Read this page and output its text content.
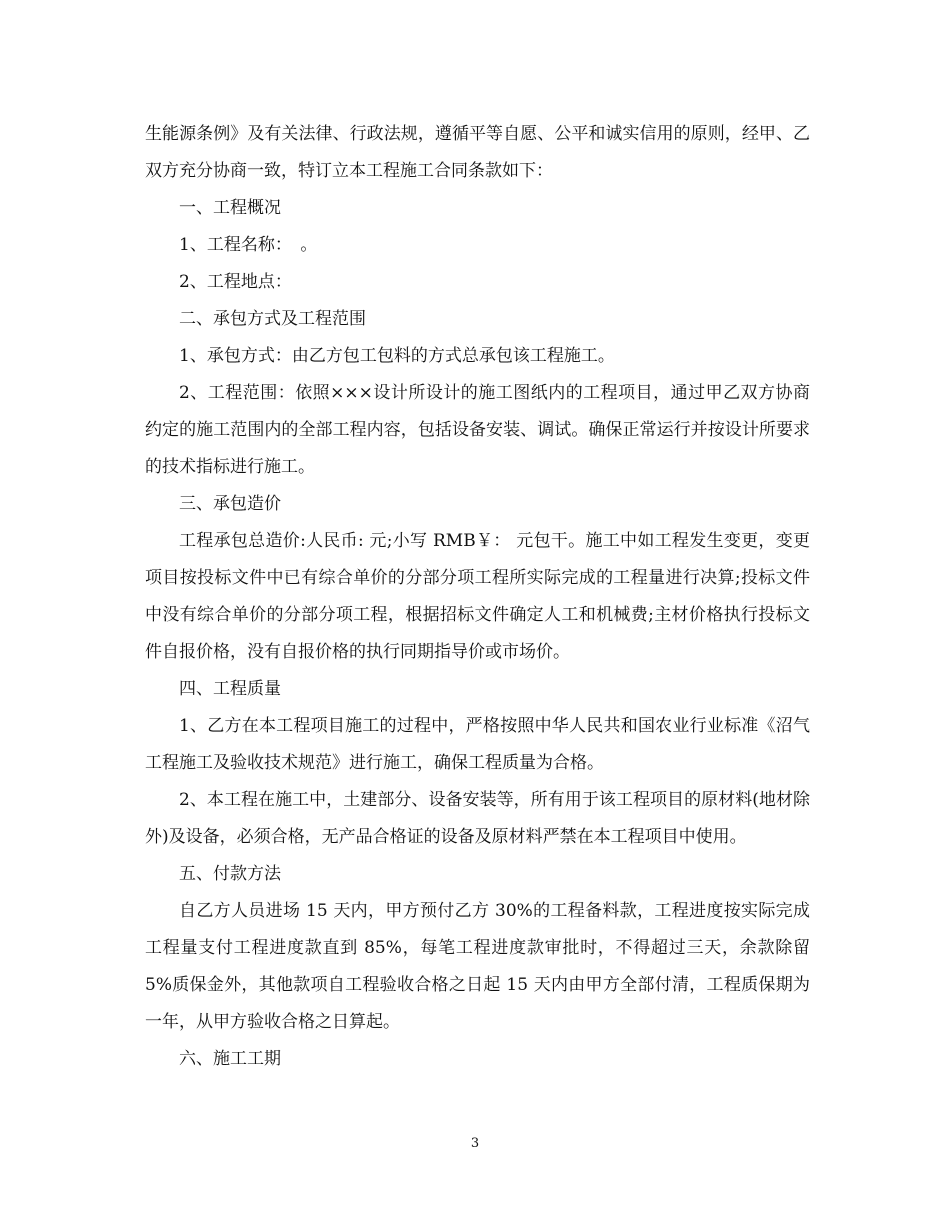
生能源条例》及有关法律、行政法规，遵循平等自愿、公平和诚实信用的原则，经甲、乙双方充分协商一致，特订立本工程施工合同条款如下：

一、工程概况

1、工程名称：　。

2、工程地点：

二、承包方式及工程范围

1、承包方式：由乙方包工包料的方式总承包该工程施工。

2、工程范围：依照×××设计所设计的施工图纸内的工程项目，通过甲乙双方协商约定的施工范围内的全部工程内容，包括设备安装、调试。确保正常运行并按设计所要求的技术指标进行施工。

三、承包造价

工程承包总造价:人民币: 元;小写 RMB￥： 元包干。施工中如工程发生变更，变更项目按投标文件中已有综合单价的分部分项工程所实际完成的工程量进行决算;投标文件中没有综合单价的分部分项工程，根据招标文件确定人工和机械费;主材价格执行投标文件自报价格，没有自报价格的执行同期指导价或市场价。

四、工程质量

1、乙方在本工程项目施工的过程中，严格按照中华人民共和国农业行业标准《沼气工程施工及验收技术规范》进行施工，确保工程质量为合格。

2、本工程在施工中，土建部分、设备安装等，所有用于该工程项目的原材料(地材除外)及设备，必须合格，无产品合格证的设备及原材料严禁在本工程项目中使用。

五、付款方法

自乙方人员进场 15 天内，甲方预付乙方 30%的工程备料款，工程进度按实际完成工程量支付工程进度款直到 85%，每笔工程进度款审批时，不得超过三天，余款除留 5%质保金外，其他款项自工程验收合格之日起 15 天内由甲方全部付清，工程质保期为一年，从甲方验收合格之日算起。

六、施工工期

3
